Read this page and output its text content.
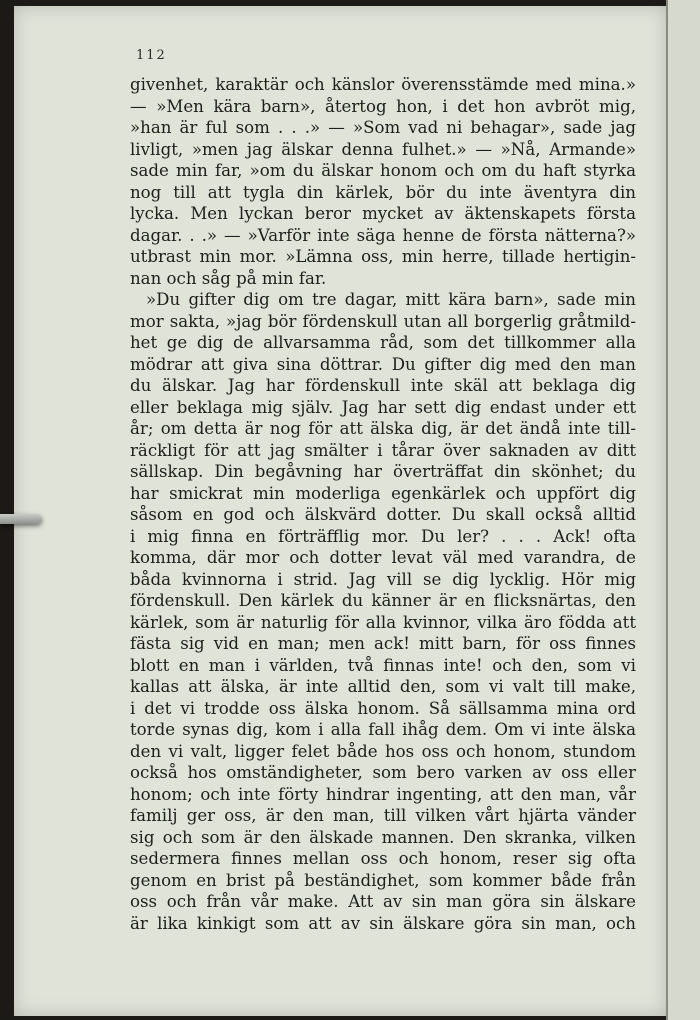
112
givenhet, karaktär och känslor överensstämde med mina.»
— »Men kära barn», återtog hon, i det hon avbröt mig,
»han är ful som . . .» — »Som vad ni behagar», sade jag
livligt, »men jag älskar denna fulhet.» — »Nå, Armande»
sade min far, »om du älskar honom och om du haft styrka
nog till att tygla din kärlek, bör du inte äventyra din
lycka. Men lyckan beror mycket av äktenskapets första
dagar. . .» — »Varför inte säga henne de första nätterna?»
utbrast min mor. »Lämna oss, min herre, tillade hertigin-
nan och såg på min far.
»Du gifter dig om tre dagar, mitt kära barn», sade min
mor sakta, »jag bör fördenskull utan all borgerlig gråtmild-
het ge dig de allvarsamma råd, som det tillkommer alla
mödrar att giva sina döttrar. Du gifter dig med den man
du älskar. Jag har fördenskull inte skäl att beklaga dig
eller beklaga mig själv. Jag har sett dig endast under ett
år; om detta är nog för att älska dig, är det ändå inte till-
räckligt för att jag smälter i tårar över saknaden av ditt
sällskap. Din begåvning har överträffat din skönhet; du
har smickrat min moderliga egenkärlek och uppfört dig
såsom en god och älskvärd dotter. Du skall också alltid
i mig finna en förträfflig mor. Du ler? . . . Ack! ofta
komma, där mor och dotter levat väl med varandra, de
båda kvinnorna i strid. Jag vill se dig lycklig. Hör mig
fördenskull. Den kärlek du känner är en flicksnärtas, den
kärlek, som är naturlig för alla kvinnor, vilka äro födda att
fästa sig vid en man; men ack! mitt barn, för oss finnes
blott en man i världen, två finnas inte! och den, som vi
kallas att älska, är inte alltid den, som vi valt till make,
i det vi trodde oss älska honom. Så sällsamma mina ord
torde synas dig, kom i alla fall ihåg dem. Om vi inte älska
den vi valt, ligger felet både hos oss och honom, stundom
också hos omständigheter, som bero varken av oss eller
honom; och inte förty hindrar ingenting, att den man, vår
familj ger oss, är den man, till vilken vårt hjärta vänder
sig och som är den älskade mannen. Den skranka, vilken
sedermera finnes mellan oss och honom, reser sig ofta
genom en brist på beständighet, som kommer både från
oss och från vår make. Att av sin man göra sin älskare
är lika kinkigt som att av sin älskare göra sin man, och
